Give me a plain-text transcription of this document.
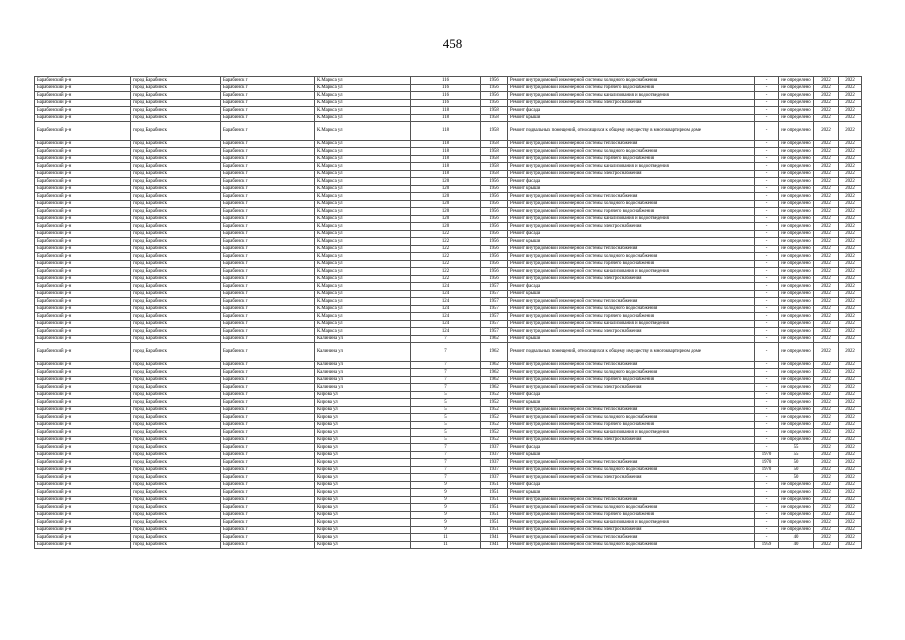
458
Барабинский р-н	город Барабинск	Барабинск г	К.Маркса ул	116	1956	Ремонт внутридомовой инженерной системы холодного водоснабжения	-	не определено	2022	2022
Барабинский р-н	город Барабинск	Барабинск г	К.Маркса ул	116	1956	Ремонт внутридомовой инженерной системы горячего водоснабжения	-	не определено	2022	2022
Барабинский р-н	город Барабинск	Барабинск г	К.Маркса ул	116	1956	Ремонт внутридомовой инженерной системы канализования и водоотведения	-	не определено	2022	2022
Барабинский р-н	город Барабинск	Барабинск г	К.Маркса ул	116	1956	Ремонт внутридомовой инженерной системы электроснабжения	-	не определено	2022	2022
Барабинский р-н	город Барабинск	Барабинск г	К.Маркса ул	118	1958	Ремонт фасада	-	не определено	2022	2022
Барабинский р-н	город Барабинск	Барабинск г	К.Маркса ул	118	1958	Ремонт крыши	-	не определено	2022	2022
Барабинский р-н	город Барабинск	Барабинск г	К.Маркса ул	118	1958	Ремонт подвальных помещений, относящихся к общему имуществу в многоквартирном доме	-	не определено	2022	2022
Барабинский р-н	город Барабинск	Барабинск г	К.Маркса ул	118	1958	Ремонт внутридомовой инженерной системы теплоснабжения	-	не определено	2022	2022
Барабинский р-н	город Барабинск	Барабинск г	К.Маркса ул	118	1958	Ремонт внутридомовой инженерной системы холодного водоснабжения	-	не определено	2022	2022
Барабинский р-н	город Барабинск	Барабинск г	К.Маркса ул	118	1958	Ремонт внутридомовой инженерной системы горячего водоснабжения	-	не определено	2022	2022
Барабинский р-н	город Барабинск	Барабинск г	К.Маркса ул	118	1958	Ремонт внутридомовой инженерной системы канализования и водоотведения	-	не определено	2022	2022
Барабинский р-н	город Барабинск	Барабинск г	К.Маркса ул	118	1958	Ремонт внутридомовой инженерной системы электроснабжения	-	не определено	2022	2022
Барабинский р-н	город Барабинск	Барабинск г	К.Маркса ул	120	1956	Ремонт фасада	-	не определено	2022	2022
Барабинский р-н	город Барабинск	Барабинск г	К.Маркса ул	120	1956	Ремонт крыши	-	не определено	2022	2022
Барабинский р-н	город Барабинск	Барабинск г	К.Маркса ул	120	1956	Ремонт внутридомовой инженерной системы теплоснабжения	-	не определено	2022	2022
Барабинский р-н	город Барабинск	Барабинск г	К.Маркса ул	120	1956	Ремонт внутридомовой инженерной системы холодного водоснабжения	-	не определено	2022	2022
Барабинский р-н	город Барабинск	Барабинск г	К.Маркса ул	120	1956	Ремонт внутридомовой инженерной системы горячего водоснабжения	-	не определено	2022	2022
Барабинский р-н	город Барабинск	Барабинск г	К.Маркса ул	120	1956	Ремонт внутридомовой инженерной системы канализования и водоотведения	-	не определено	2022	2022
Барабинский р-н	город Барабинск	Барабинск г	К.Маркса ул	120	1956	Ремонт внутридомовой инженерной системы электроснабжения	-	не определено	2022	2022
Барабинский р-н	город Барабинск	Барабинск г	К.Маркса ул	122	1956	Ремонт фасада	-	не определено	2022	2022
Барабинский р-н	город Барабинск	Барабинск г	К.Маркса ул	122	1956	Ремонт крыши	-	не определено	2022	2022
Барабинский р-н	город Барабинск	Барабинск г	К.Маркса ул	122	1956	Ремонт внутридомовой инженерной системы теплоснабжения	-	не определено	2022	2022
Барабинский р-н	город Барабинск	Барабинск г	К.Маркса ул	122	1956	Ремонт внутридомовой инженерной системы холодного водоснабжения	-	не определено	2022	2022
Барабинский р-н	город Барабинск	Барабинск г	К.Маркса ул	122	1956	Ремонт внутридомовой инженерной системы горячего водоснабжения	-	не определено	2022	2022
Барабинский р-н	город Барабинск	Барабинск г	К.Маркса ул	122	1956	Ремонт внутридомовой инженерной системы канализования и водоотведения	-	не определено	2022	2022
Барабинский р-н	город Барабинск	Барабинск г	К.Маркса ул	122	1956	Ремонт внутридомовой инженерной системы электроснабжения	-	не определено	2022	2022
Барабинский р-н	город Барабинск	Барабинск г	К.Маркса ул	124	1957	Ремонт фасада	-	не определено	2022	2022
Барабинский р-н	город Барабинск	Барабинск г	К.Маркса ул	124	1957	Ремонт крыши	-	не определено	2022	2022
Барабинский р-н	город Барабинск	Барабинск г	К.Маркса ул	124	1957	Ремонт внутридомовой инженерной системы теплоснабжения	-	не определено	2022	2022
Барабинский р-н	город Барабинск	Барабинск г	К.Маркса ул	124	1957	Ремонт внутридомовой инженерной системы холодного водоснабжения	-	не определено	2022	2022
Барабинский р-н	город Барабинск	Барабинск г	К.Маркса ул	124	1957	Ремонт внутридомовой инженерной системы горячего водоснабжения	-	не определено	2022	2022
Барабинский р-н	город Барабинск	Барабинск г	К.Маркса ул	124	1957	Ремонт внутридомовой инженерной системы канализования и водоотведения	-	не определено	2022	2022
Барабинский р-н	город Барабинск	Барабинск г	К.Маркса ул	124	1957	Ремонт внутридомовой инженерной системы электроснабжения	-	не определено	2022	2022
Барабинский р-н	город Барабинск	Барабинск г	Калинина ул	7	1962	Ремонт крыши	-	не определено	2022	2022
Барабинский р-н	город Барабинск	Барабинск г	Калинина ул	7	1962	Ремонт подвальных помещений, относящихся к общему имуществу в многоквартирном доме	-	не определено	2022	2022
Барабинский р-н	город Барабинск	Барабинск г	Калинина ул	7	1962	Ремонт внутридомовой инженерной системы теплоснабжения	-	не определено	2022	2022
Барабинский р-н	город Барабинск	Барабинск г	Калинина ул	7	1962	Ремонт внутридомовой инженерной системы холодного водоснабжения	-	не определено	2022	2022
Барабинский р-н	город Барабинск	Барабинск г	Калинина ул	7	1962	Ремонт внутридомовой инженерной системы горячего водоснабжения	-	не определено	2022	2022
Барабинский р-н	город Барабинск	Барабинск г	Калинина ул	7	1962	Ремонт внутридомовой инженерной системы электроснабжения	-	не определено	2022	2022
Барабинский р-н	город Барабинск	Барабинск г	Кирова ул	5	1952	Ремонт фасада	-	не определено	2022	2022
Барабинский р-н	город Барабинск	Барабинск г	Кирова ул	5	1952	Ремонт крыши	-	не определено	2022	2022
Барабинский р-н	город Барабинск	Барабинск г	Кирова ул	5	1952	Ремонт внутридомовой инженерной системы теплоснабжения	-	не определено	2022	2022
Барабинский р-н	город Барабинск	Барабинск г	Кирова ул	5	1952	Ремонт внутридомовой инженерной системы холодного водоснабжения	-	не определено	2022	2022
Барабинский р-н	город Барабинск	Барабинск г	Кирова ул	5	1952	Ремонт внутридомовой инженерной системы горячего водоснабжения	-	не определено	2022	2022
Барабинский р-н	город Барабинск	Барабинск г	Кирова ул	5	1952	Ремонт внутридомовой инженерной системы канализования и водоотведения	-	не определено	2022	2022
Барабинский р-н	город Барабинск	Барабинск г	Кирова ул	5	1952	Ремонт внутридомовой инженерной системы электроснабжения	-	не определено	2022	2022
Барабинский р-н	город Барабинск	Барабинск г	Кирова ул	7	1937	Ремонт фасада	-	55	2022	2022
Барабинский р-н	город Барабинск	Барабинск г	Кирова ул	7	1937	Ремонт крыши	1970	55	2022	2022
Барабинский р-н	город Барабинск	Барабинск г	Кирова ул	7	1937	Ремонт внутридомовой инженерной системы теплоснабжения	1970	50	2022	2022
Барабинский р-н	город Барабинск	Барабинск г	Кирова ул	7	1937	Ремонт внутридомовой инженерной системы холодного водоснабжения	1970	50	2022	2022
Барабинский р-н	город Барабинск	Барабинск г	Кирова ул	7	1937	Ремонт внутридомовой инженерной системы электроснабжения	-	50	2022	2022
Барабинский р-н	город Барабинск	Барабинск г	Кирова ул	9	1951	Ремонт фасада	-	не определено	2022	2022
Барабинский р-н	город Барабинск	Барабинск г	Кирова ул	9	1951	Ремонт крыши	-	не определено	2022	2022
Барабинский р-н	город Барабинск	Барабинск г	Кирова ул	9	1951	Ремонт внутридомовой инженерной системы теплоснабжения	-	не определено	2022	2022
Барабинский р-н	город Барабинск	Барабинск г	Кирова ул	9	1951	Ремонт внутридомовой инженерной системы холодного водоснабжения	-	не определено	2022	2022
Барабинский р-н	город Барабинск	Барабинск г	Кирова ул	9	1951	Ремонт внутридомовой инженерной системы горячего водоснабжения	-	не определено	2022	2022
Барабинский р-н	город Барабинск	Барабинск г	Кирова ул	9	1951	Ремонт внутридомовой инженерной системы канализования и водоотведения	-	не определено	2022	2022
Барабинский р-н	город Барабинск	Барабинск г	Кирова ул	9	1951	Ремонт внутридомовой инженерной системы электроснабжения	-	не определено	2022	2022
Барабинский р-н	город Барабинск	Барабинск г	Кирова ул	11	1941	Ремонт внутридомовой инженерной системы теплоснабжения	-	40	2022	2022
Барабинский р-н	город Барабинск	Барабинск г	Кирова ул	11	1941	Ремонт внутридомовой инженерной системы холодного водоснабжения	1959	40	2022	2022
